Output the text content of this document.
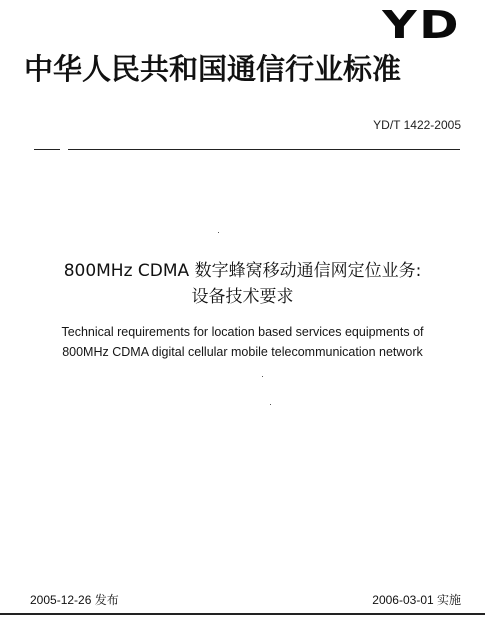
YD
中华人民共和国通信行业标准
YD/T 1422-2005
800MHz CDMA 数字蜂窝移动通信网定位业务:
设备技术要求
Technical requirements for location based services equipments of
800MHz CDMA digital cellular mobile telecommunication network
2005-12-26 发布	2006-03-01 实施
